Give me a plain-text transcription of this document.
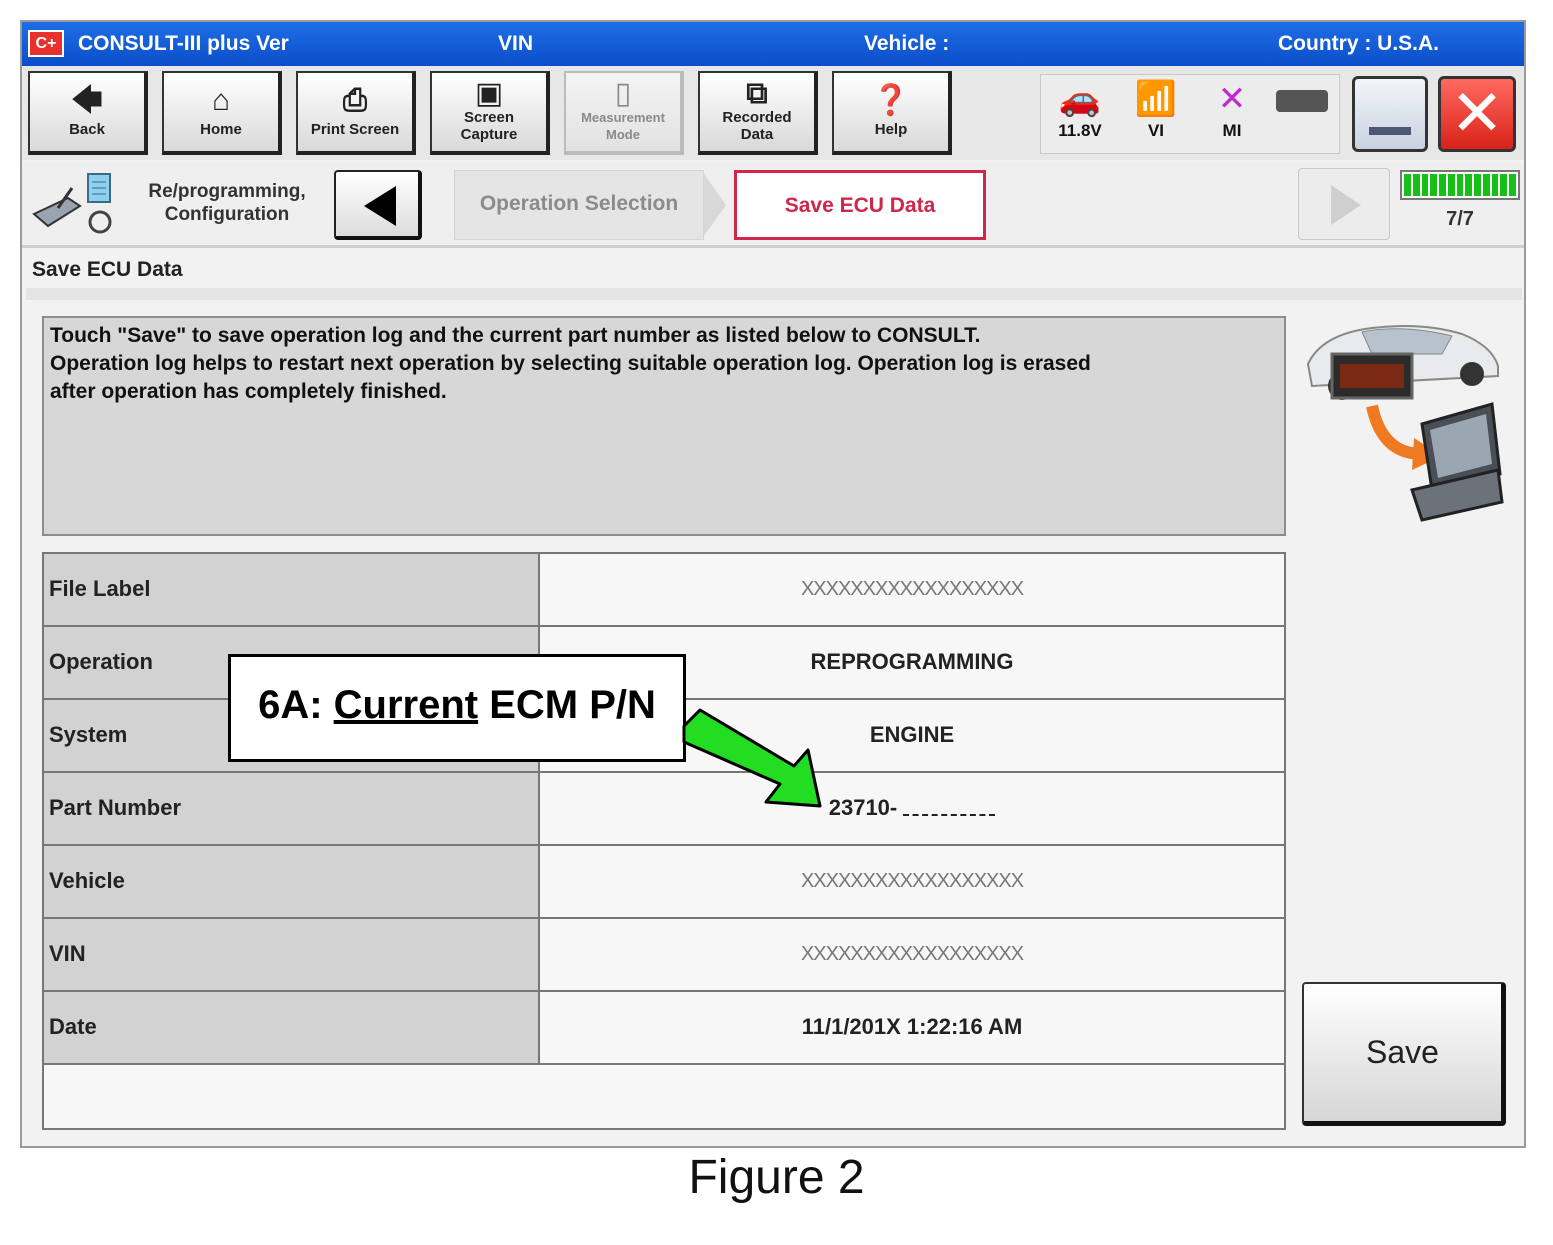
C+	CONSULT-III plus Ver	VIN	Vehicle :	Country : U.S.A.
🡄
Back
⌂
Home
⎙
Print Screen
▣
Screen Capture
▯
Measurement Mode
⧉
Recorded Data
❓
Help
🚗
11.8V
📶
VI
✕
MI	✕
Re/programming, Configuration	Operation Selection	Save ECU Data
7/7
Save ECU Data
Touch "Save" to save operation log and the current part number as listed below to CONSULT.
Operation log helps to restart next operation by selecting suitable operation log. Operation log is erased
after operation has completely finished.
File Label	XXXXXXXXXXXXXXXXXX
Operation	REPROGRAMMING
System	ENGINE
Part Number	23710-
Vehicle	XXXXXXXXXXXXXXXXXX
VIN	XXXXXXXXXXXXXXXXXX
Date	11/1/201X 1:22:16 AM
6A: Current ECM P/N
Save
Figure 2
